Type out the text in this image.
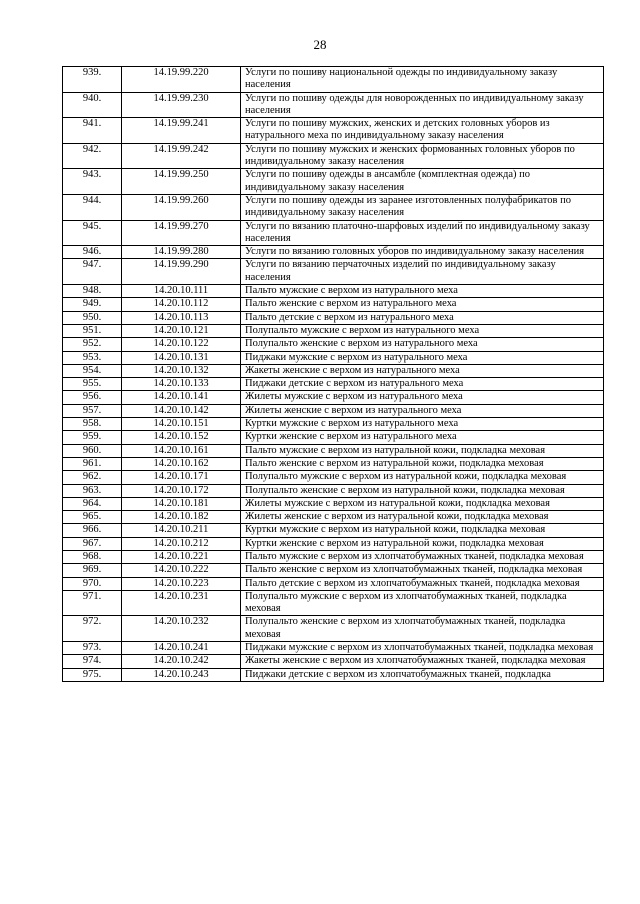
28
939.	14.19.99.220	Услуги по пошиву национальной одежды по индивидуальному заказу населения
940.	14.19.99.230	Услуги по пошиву одежды для новорожденных по индивидуальному заказу населения
941.	14.19.99.241	Услуги по пошиву мужских, женских и детских головных уборов из натурального меха по индивидуальному заказу населения
942.	14.19.99.242	Услуги по пошиву мужских и женских формованных головных уборов по индивидуальному заказу населения
943.	14.19.99.250	Услуги по пошиву одежды в ансамбле (комплектная одежда) по индивидуальному заказу населения
944.	14.19.99.260	Услуги по пошиву одежды из заранее изготовленных полуфабрикатов по индивидуальному заказу населения
945.	14.19.99.270	Услуги по вязанию платочно-шарфовых изделий по индивидуальному заказу населения
946.	14.19.99.280	Услуги по вязанию головных уборов по индивидуальному заказу населения
947.	14.19.99.290	Услуги по вязанию перчаточных изделий по индивидуальному заказу населения
948.	14.20.10.111	Пальто мужские с верхом из натурального меха
949.	14.20.10.112	Пальто женские с верхом из натурального меха
950.	14.20.10.113	Пальто детские с верхом из натурального меха
951.	14.20.10.121	Полупальто мужские с верхом из натурального меха
952.	14.20.10.122	Полупальто женские с верхом из натурального меха
953.	14.20.10.131	Пиджаки мужские с верхом из натурального меха
954.	14.20.10.132	Жакеты женские с верхом из натурального меха
955.	14.20.10.133	Пиджаки детские с верхом из натурального меха
956.	14.20.10.141	Жилеты мужские с верхом из натурального меха
957.	14.20.10.142	Жилеты женские с верхом из натурального меха
958.	14.20.10.151	Куртки мужские с верхом из натурального меха
959.	14.20.10.152	Куртки женские с верхом из натурального меха
960.	14.20.10.161	Пальто мужские с верхом из натуральной кожи, подкладка меховая
961.	14.20.10.162	Пальто женские с верхом из натуральной кожи, подкладка меховая
962.	14.20.10.171	Полупальто мужские с верхом из натуральной кожи, подкладка меховая
963.	14.20.10.172	Полупальто женские с верхом из натуральной кожи, подкладка меховая
964.	14.20.10.181	Жилеты мужские с верхом из натуральной кожи, подкладка меховая
965.	14.20.10.182	Жилеты женские с верхом из натуральной кожи, подкладка меховая
966.	14.20.10.211	Куртки мужские с верхом из натуральной кожи, подкладка меховая
967.	14.20.10.212	Куртки женские с верхом из натуральной кожи, подкладка меховая
968.	14.20.10.221	Пальто мужские с верхом из хлопчатобумажных тканей, подкладка меховая
969.	14.20.10.222	Пальто женские с верхом из хлопчатобумажных тканей, подкладка меховая
970.	14.20.10.223	Пальто детские с верхом из хлопчатобумажных тканей, подкладка меховая
971.	14.20.10.231	Полупальто мужские с верхом из хлопчатобумажных тканей, подкладка меховая
972.	14.20.10.232	Полупальто женские с верхом из хлопчатобумажных тканей, подкладка меховая
973.	14.20.10.241	Пиджаки мужские с верхом из хлопчатобумажных тканей, подкладка меховая
974.	14.20.10.242	Жакеты женские с верхом из хлопчатобумажных тканей, подкладка меховая
975.	14.20.10.243	Пиджаки детские с верхом из хлопчатобумажных тканей, подкладка
